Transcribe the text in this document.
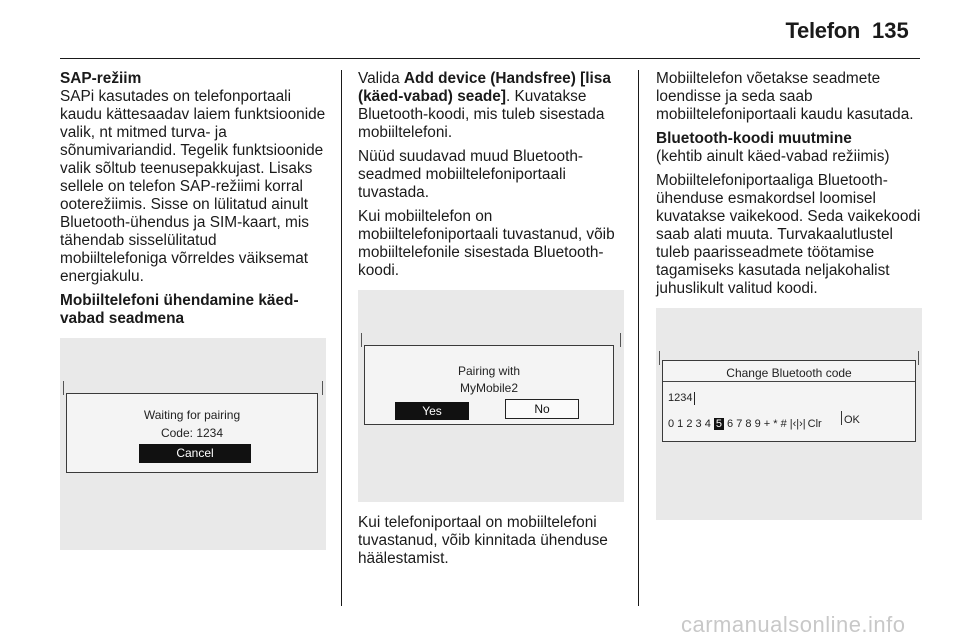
Telefon 135

SAP-režiim

SAPi kasutades on telefonportaali kaudu kättesaadav laiem funktsioonide valik, nt mitmed turva- ja sõnumivariandid. Tegelik funktsioonide valik sõltub teenusepakkujast. Lisaks sellele on telefon SAP-režiimi korral ooterežiimis. Sisse on lülitatud ainult Bluetooth-ühendus ja SIM-kaart, mis tähendab sisselülitatud mobiiltelefoniga võrreldes väiksemat energiakulu.

Mobiiltelefoni ühendamine käed-vabad seadmena

Waiting for pairing
Code: 1234
Cancel

Valida Add device (Handsfree) [lisa (käed-vabad) seade]. Kuvatakse Bluetooth-koodi, mis tuleb sisestada mobiiltelefoni.

Nüüd suudavad muud Bluetooth-seadmed mobiiltelefoniportaali tuvastada.

Kui mobiiltelefon on mobiiltelefoniportaali tuvastanud, võib mobiiltelefonile sisestada Bluetooth-koodi.

Pairing with
MyMobile2
Yes	No

Kui telefoniportaal on mobiiltelefoni tuvastanud, võib kinnitada ühenduse häälestamist.

Mobiiltelefon võetakse seadmete loendisse ja seda saab mobiiltelefoniportaali kaudu kasutada.

Bluetooth-koodi muutmine

(kehtib ainult käed-vabad režiimis)

Mobiiltelefoniportaaliga Bluetooth-ühenduse esmakordsel loomisel kuvatakse vaikekood. Seda vaikekoodi saab alati muuta. Turvakaalutlustel tuleb paarisseadmete töötamise tagamiseks kasutada neljakohalist juhuslikult valitud koodi.

Change Bluetooth code
1234
0 1 2 3 4 5 6 7 8 9 + * # |‹|›| Clr OK
carmanualsonline.info
